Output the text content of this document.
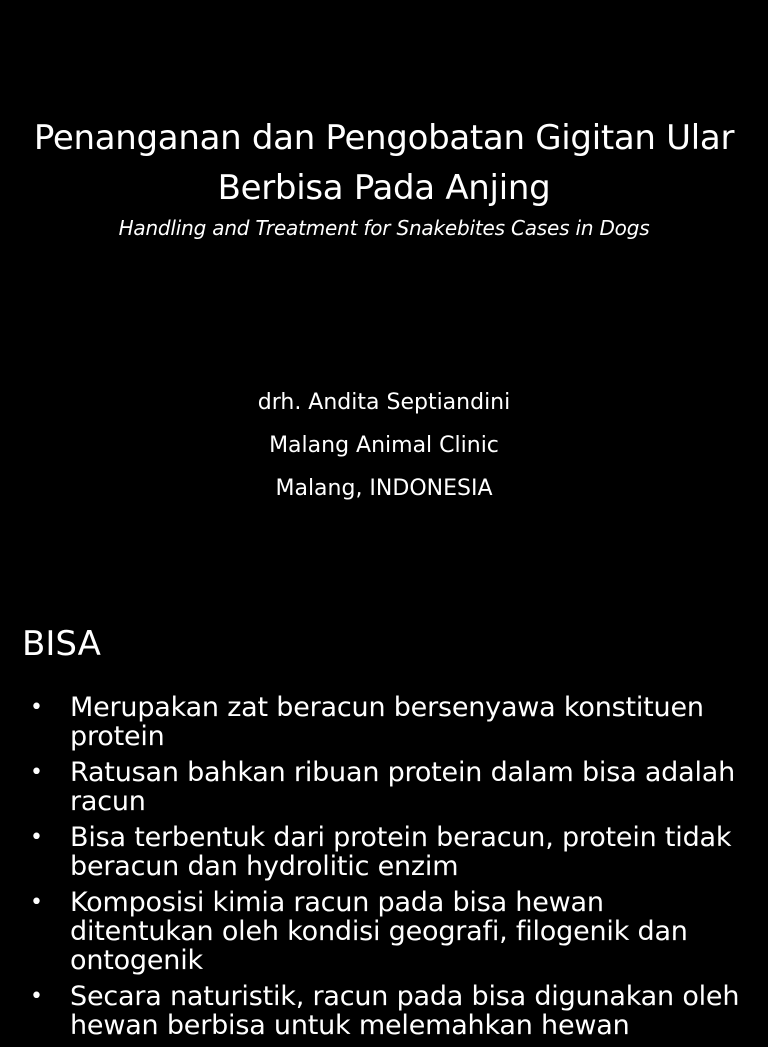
Penanganan dan Pengobatan Gigitan Ular Berbisa Pada Anjing
Handling and Treatment for Snakebites Cases in Dogs
drh. Andita Septiandini
Malang Animal Clinic
Malang, INDONESIA
BISA
• Merupakan zat beracun bersenyawa konstituen protein
• Ratusan bahkan ribuan protein dalam bisa adalah racun
• Bisa terbentuk dari protein beracun, protein tidak beracun dan hydrolitic enzim
• Komposisi kimia racun pada bisa hewan ditentukan oleh kondisi geografi, filogenik dan ontogenik
• Secara naturistik, racun pada bisa digunakan oleh hewan berbisa untuk melemahkan hewan
